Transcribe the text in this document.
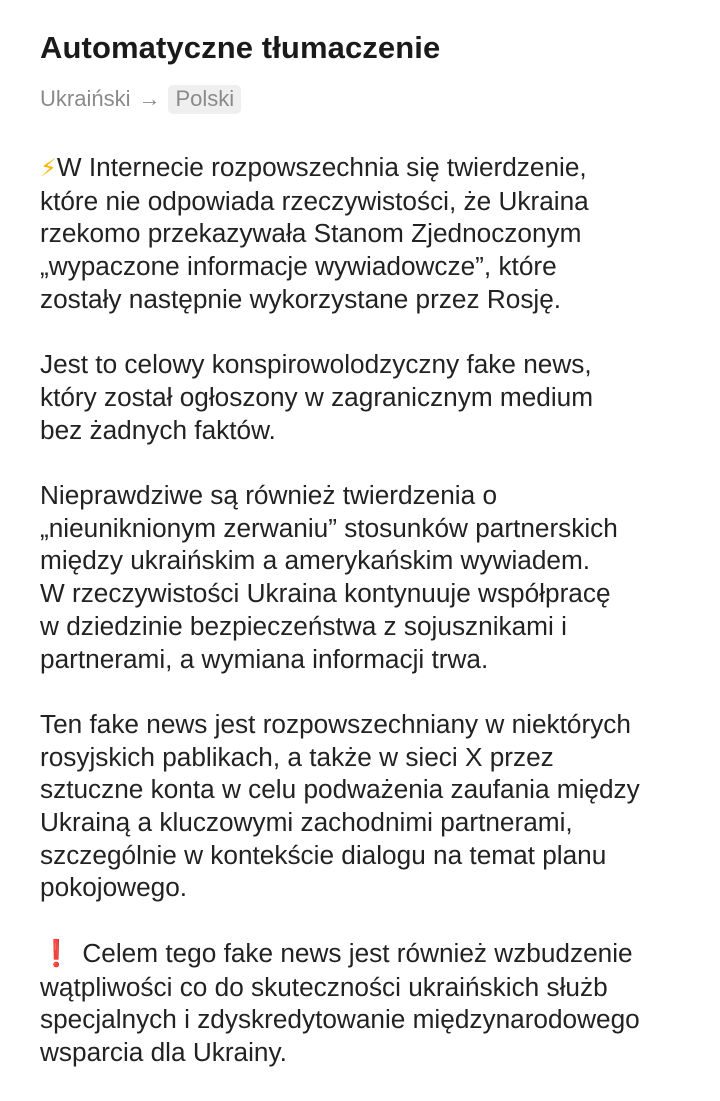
Automatyczne tłumaczenie
Ukraiński → Polski
⚡W Internecie rozpowszechnia się twierdzenie,
które nie odpowiada rzeczywistości, że Ukraina
rzekomo przekazywała Stanom Zjednoczonym
„wypaczone informacje wywiadowcze”, które
zostały następnie wykorzystane przez Rosję.
Jest to celowy konspirowolodzyczny fake news,
który został ogłoszony w zagranicznym medium
bez żadnych faktów.
Nieprawdziwe są również twierdzenia o
„nieuniknionym zerwaniu” stosunków partnerskich
między ukraińskim a amerykańskim wywiadem.
W rzeczywistości Ukraina kontynuuje współpracę
w dziedzinie bezpieczeństwa z sojusznikami i
partnerami, a wymiana informacji trwa.
Ten fake news jest rozpowszechniany w niektórych
rosyjskich pablikach, a także w sieci X przez
sztuczne konta w celu podważenia zaufania między
Ukrainą a kluczowymi zachodnimi partnerami,
szczególnie w kontekście dialogu na temat planu
pokojowego.
❗ Celem tego fake news jest również wzbudzenie
wątpliwości co do skuteczności ukraińskich służb
specjalnych i zdyskredytowanie międzynarodowego
wsparcia dla Ukrainy.
